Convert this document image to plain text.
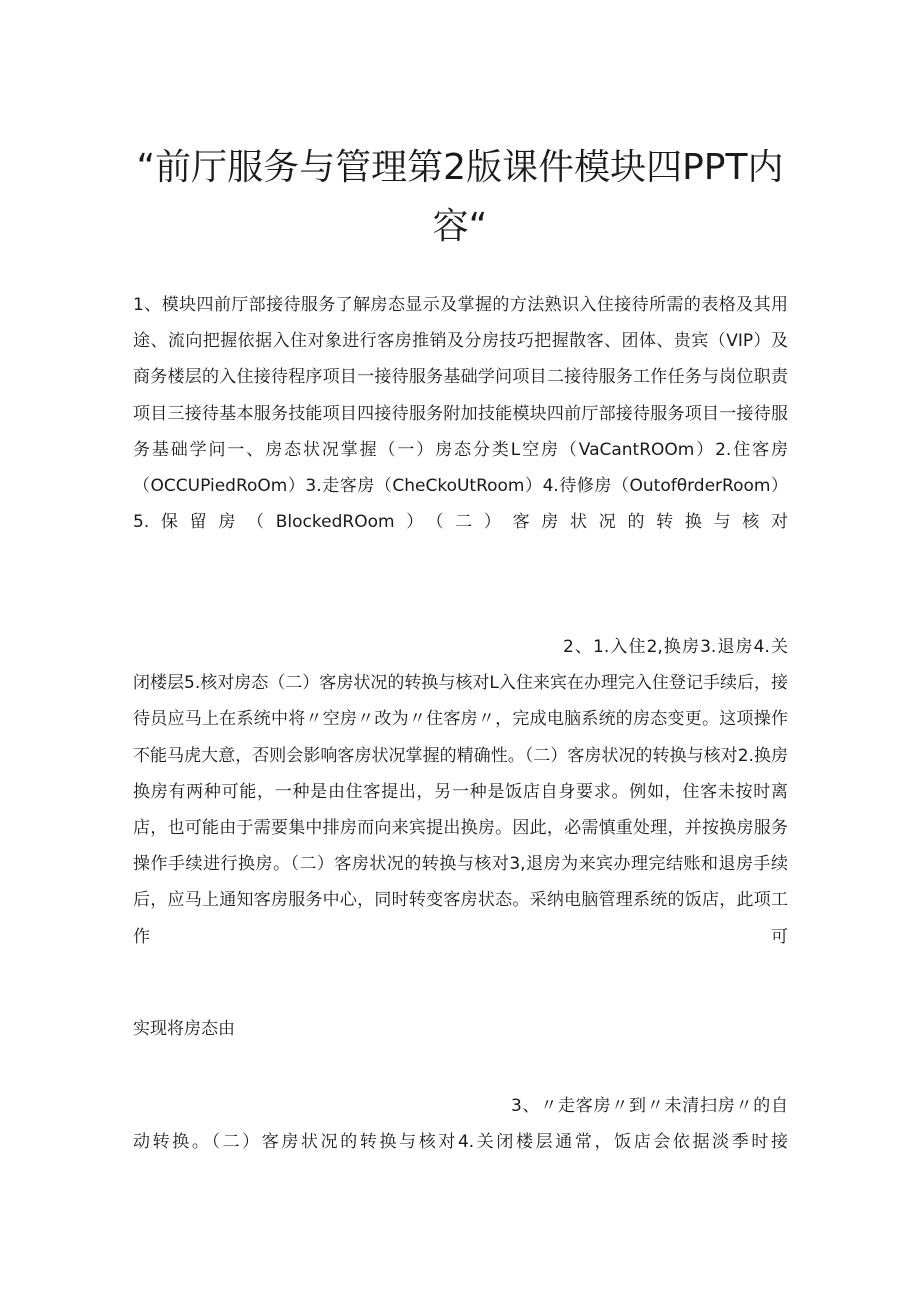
“前厅服务与管理第2版课件模块四PPT内容“

1、模块四前厅部接待服务了解房态显示及掌握的方法熟识入住接待所需的表格及其用途、流向把握依据入住对象进行客房推销及分房技巧把握散客、团体、贵宾（VIP）及商务楼层的入住接待程序项目一接待服务基础学问项目二接待服务工作任务与岗位职责项目三接待基本服务技能项目四接待服务附加技能模块四前厅部接待服务项目一接待服务基础学问一、房态状况掌握（一）房态分类L空房（VaCantROOm）2.住客房（OCCUPiedRoOm）3.走客房（CheCkoUtRoom）4.待修房（OutofθrderRoom）5.保留房（BlockedROom）（二）客房状况的转换与核对

2、1.入住2,换房3.退房4.关闭楼层5.核对房态（二）客房状况的转换与核对L入住来宾在办理完入住登记手续后，接待员应马上在系统中将〃空房〃改为〃住客房〃，完成电脑系统的房态变更。这项操作不能马虎大意，否则会影响客房状况掌握的精确性。（二）客房状况的转换与核对2.换房换房有两种可能，一种是由住客提出，另一种是饭店自身要求。例如，住客未按时离店，也可能由于需要集中排房而向来宾提出换房。因此，必需慎重处理，并按换房服务操作手续进行换房。（二）客房状况的转换与核对3,退房为来宾办理完结账和退房手续后，应马上通知客房服务中心，同时转变客房状态。采纳电脑管理系统的饭店，此项工作可

实现将房态由

3、〃走客房〃到〃未清扫房〃的自动转换。（二）客房状况的转换与核对4.关闭楼层通常，饭店会依据淡季时接
